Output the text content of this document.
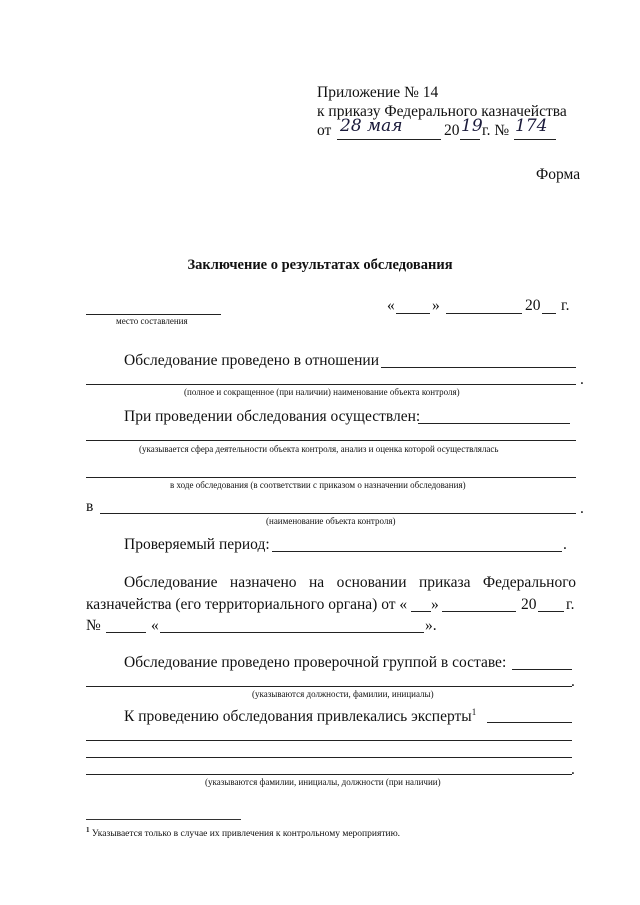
Приложение № 14
к приказу Федерального казначейства
от 28 мая	20 19 г. № 174
Форма
Заключение о результатах обследования
место составления
« »	20 г.
Обследование проведено в отношении
.
(полное и сокращенное (при наличии) наименование объекта контроля)
При проведении обследования осуществлен:
(указывается сфера деятельности объекта контроля, анализ и оценка которой осуществлялась
в ходе обследования (в соответствии с приказом о назначении обследования)
в	.
(наименование объекта контроля)
Проверяемый период:	.
Обследование назначено на основании приказа Федерального
казначейства (его территориального органа) от « »	20 г.
№	«	».
Обследование проведено проверочной группой в составе:
.
(указываются должности, фамилии, инициалы)
К проведению обследования привлекались эксперты$^1$
.
(указываются фамилии, инициалы, должности (при наличии)
$^1$ Указывается только в случае их привлечения к контрольному мероприятию.
